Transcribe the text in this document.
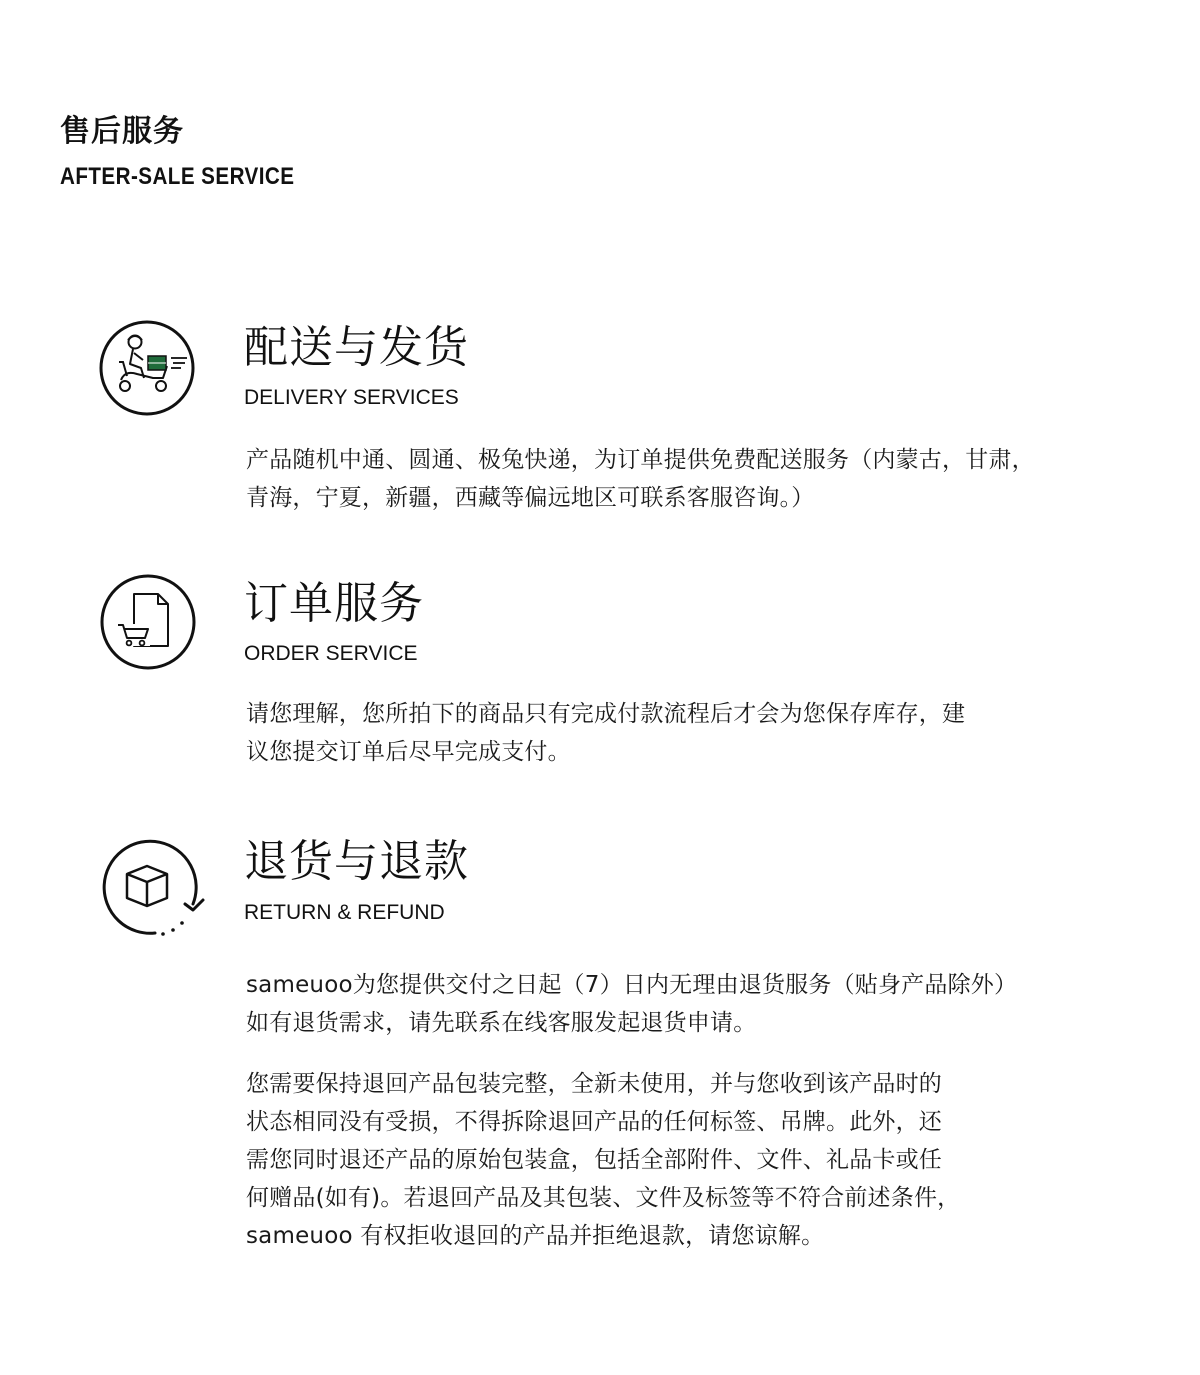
售后服务
AFTER-SALE SERVICE
配送与发货
DELIVERY SERVICES

产品随机中通、圆通、极兔快递，为订单提供免费配送服务（内蒙古，甘肃，
青海，宁夏，新疆，西藏等偏远地区可联系客服咨询。）

订单服务
ORDER SERVICE

请您理解，您所拍下的商品只有完成付款流程后才会为您保存库存，建
议您提交订单后尽早完成支付。

退货与退款
RETURN & REFUND

sameuoo为您提供交付之日起（7）日内无理由退货服务（贴身产品除外）
如有退货需求，请先联系在线客服发起退货申请。

您需要保持退回产品包装完整，全新未使用，并与您收到该产品时的
状态相同没有受损，不得拆除退回产品的任何标签、吊牌。此外，还
需您同时退还产品的原始包装盒，包括全部附件、文件、礼品卡或任
何赠品(如有)。若退回产品及其包装、文件及标签等不符合前述条件，
sameuoo 有权拒收退回的产品并拒绝退款，请您谅解。
